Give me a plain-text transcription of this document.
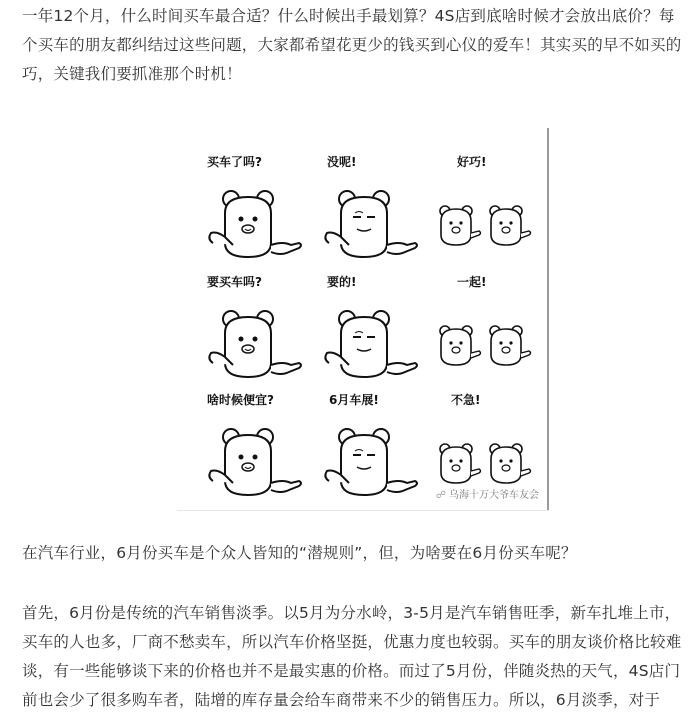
一年12个月，什么时间买车最合适？什么时候出手最划算？4S店到底啥时候才会放出底价？每个买车的朋友都纠结过这些问题，大家都希望花更少的钱买到心仪的爱车！其实买的早不如买的巧，关键我们要抓准那个时机！

买车了吗?	没呢!	好巧!
要买车吗?	要的!	一起!
啥时候便宜?	6月车展!	不急!
☍ 乌海十万大爷车友会

在汽车行业，6月份买车是个众人皆知的“潜规则”，但，为啥要在6月份买车呢？

首先，6月份是传统的汽车销售淡季。以5月为分水岭，3-5月是汽车销售旺季，新车扎堆上市，买车的人也多，厂商不愁卖车，所以汽车价格坚挺，优惠力度也较弱。买车的朋友谈价格比较难谈，有一些能够谈下来的价格也并不是最实惠的价格。而过了5月份，伴随炎热的天气，4S店门前也会少了很多购车者，陆增的库存量会给车商带来不少的销售压力。所以，6月淡季，对于
